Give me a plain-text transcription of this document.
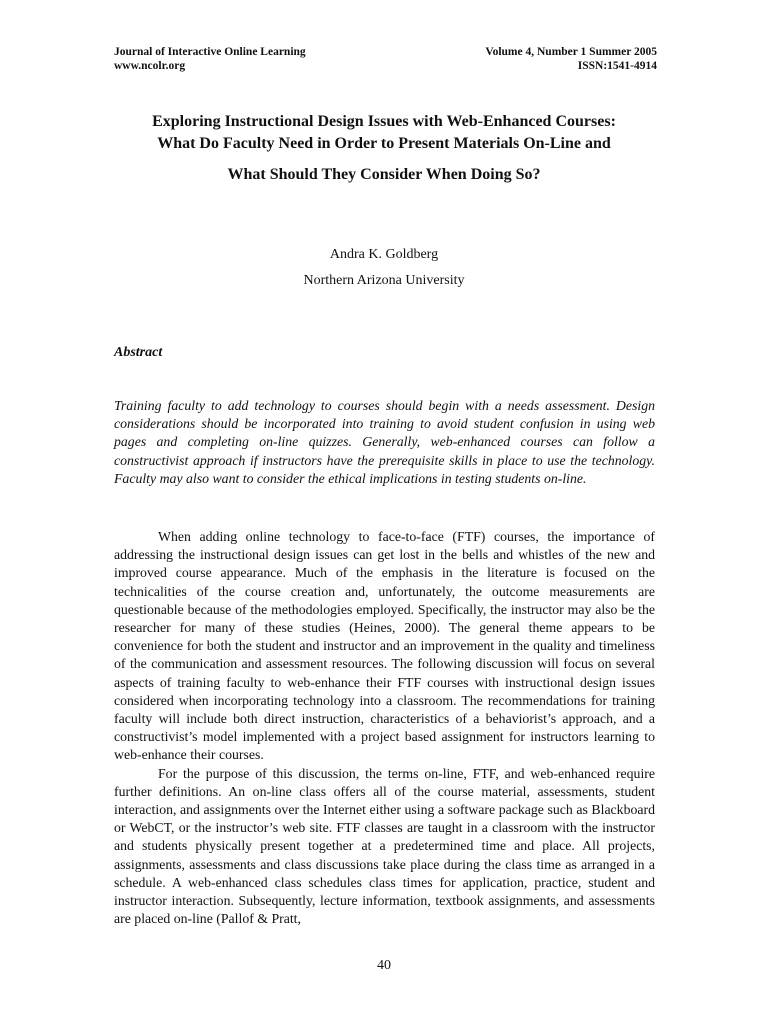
Journal of Interactive Online Learning	Volume 4, Number 1 Summer 2005
www.ncolr.org	ISSN:1541-4914
Exploring Instructional Design Issues with Web-Enhanced Courses:
What Do Faculty Need in Order to Present Materials On-Line and
What Should They Consider When Doing So?
Andra K. Goldberg
Northern Arizona University
Abstract
Training faculty to add technology to courses should begin with a needs assessment. Design considerations should be incorporated into training to avoid student confusion in using web pages and completing on-line quizzes. Generally, web-enhanced courses can follow a constructivist approach if instructors have the prerequisite skills in place to use the technology. Faculty may also want to consider the ethical implications in testing students on-line.

When adding online technology to face-to-face (FTF) courses, the importance of addressing the instructional design issues can get lost in the bells and whistles of the new and improved course appearance. Much of the emphasis in the literature is focused on the technicalities of the course creation and, unfortunately, the outcome measurements are questionable because of the methodologies employed. Specifically, the instructor may also be the researcher for many of these studies (Heines, 2000). The general theme appears to be convenience for both the student and instructor and an improvement in the quality and timeliness of the communication and assessment resources. The following discussion will focus on several aspects of training faculty to web-enhance their FTF courses with instructional design issues considered when incorporating technology into a classroom. The recommendations for training faculty will include both direct instruction, characteristics of a behaviorist’s approach, and a constructivist’s model implemented with a project based assignment for instructors learning to web-enhance their courses.

For the purpose of this discussion, the terms on-line, FTF, and web-enhanced require further definitions. An on-line class offers all of the course material, assessments, student interaction, and assignments over the Internet either using a software package such as Blackboard or WebCT, or the instructor’s web site. FTF classes are taught in a classroom with the instructor and students physically present together at a predetermined time and place. All projects, assignments, assessments and class discussions take place during the class time as arranged in a schedule. A web-enhanced class schedules class times for application, practice, student and instructor interaction. Subsequently, lecture information, textbook assignments, and assessments are placed on-line (Pallof & Pratt,

40
